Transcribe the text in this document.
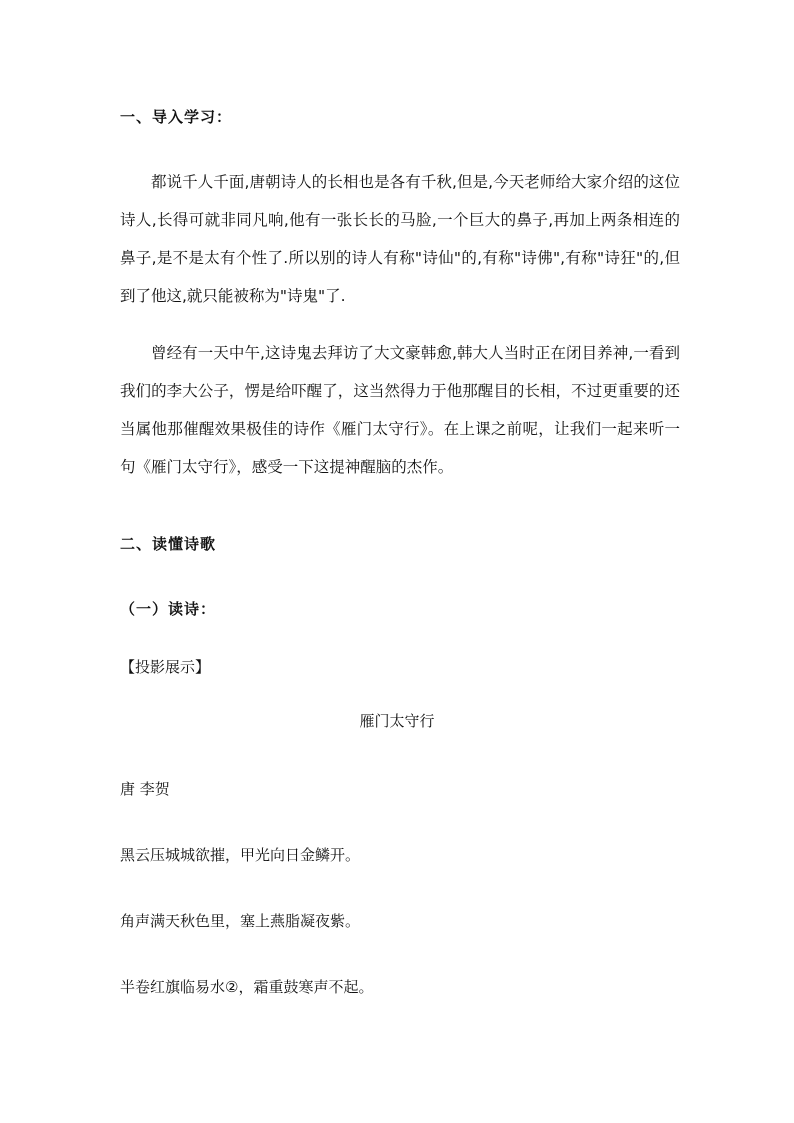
一、导入学习：

都说千人千面,唐朝诗人的长相也是各有千秋,但是,今天老师给大家介绍的这位诗人,长得可就非同凡响,他有一张长长的马脸,一个巨大的鼻子,再加上两条相连的鼻子,是不是太有个性了.所以别的诗人有称"诗仙"的,有称"诗佛",有称"诗狂"的,但到了他这,就只能被称为"诗鬼"了.

曾经有一天中午,这诗鬼去拜访了大文豪韩愈,韩大人当时正在闭目养神,一看到我们的李大公子，愣是给吓醒了，这当然得力于他那醒目的长相，不过更重要的还当属他那催醒效果极佳的诗作《雁门太守行》。在上课之前呢，让我们一起来听一句《雁门太守行》，感受一下这提神醒脑的杰作。

二、读懂诗歌
（一）读诗：
【投影展示】
雁门太守行
唐 李贺
黑云压城城欲摧，甲光向日金鳞开。
角声满天秋色里，塞上燕脂凝夜紫。
半卷红旗临易水②，霜重鼓寒声不起。
